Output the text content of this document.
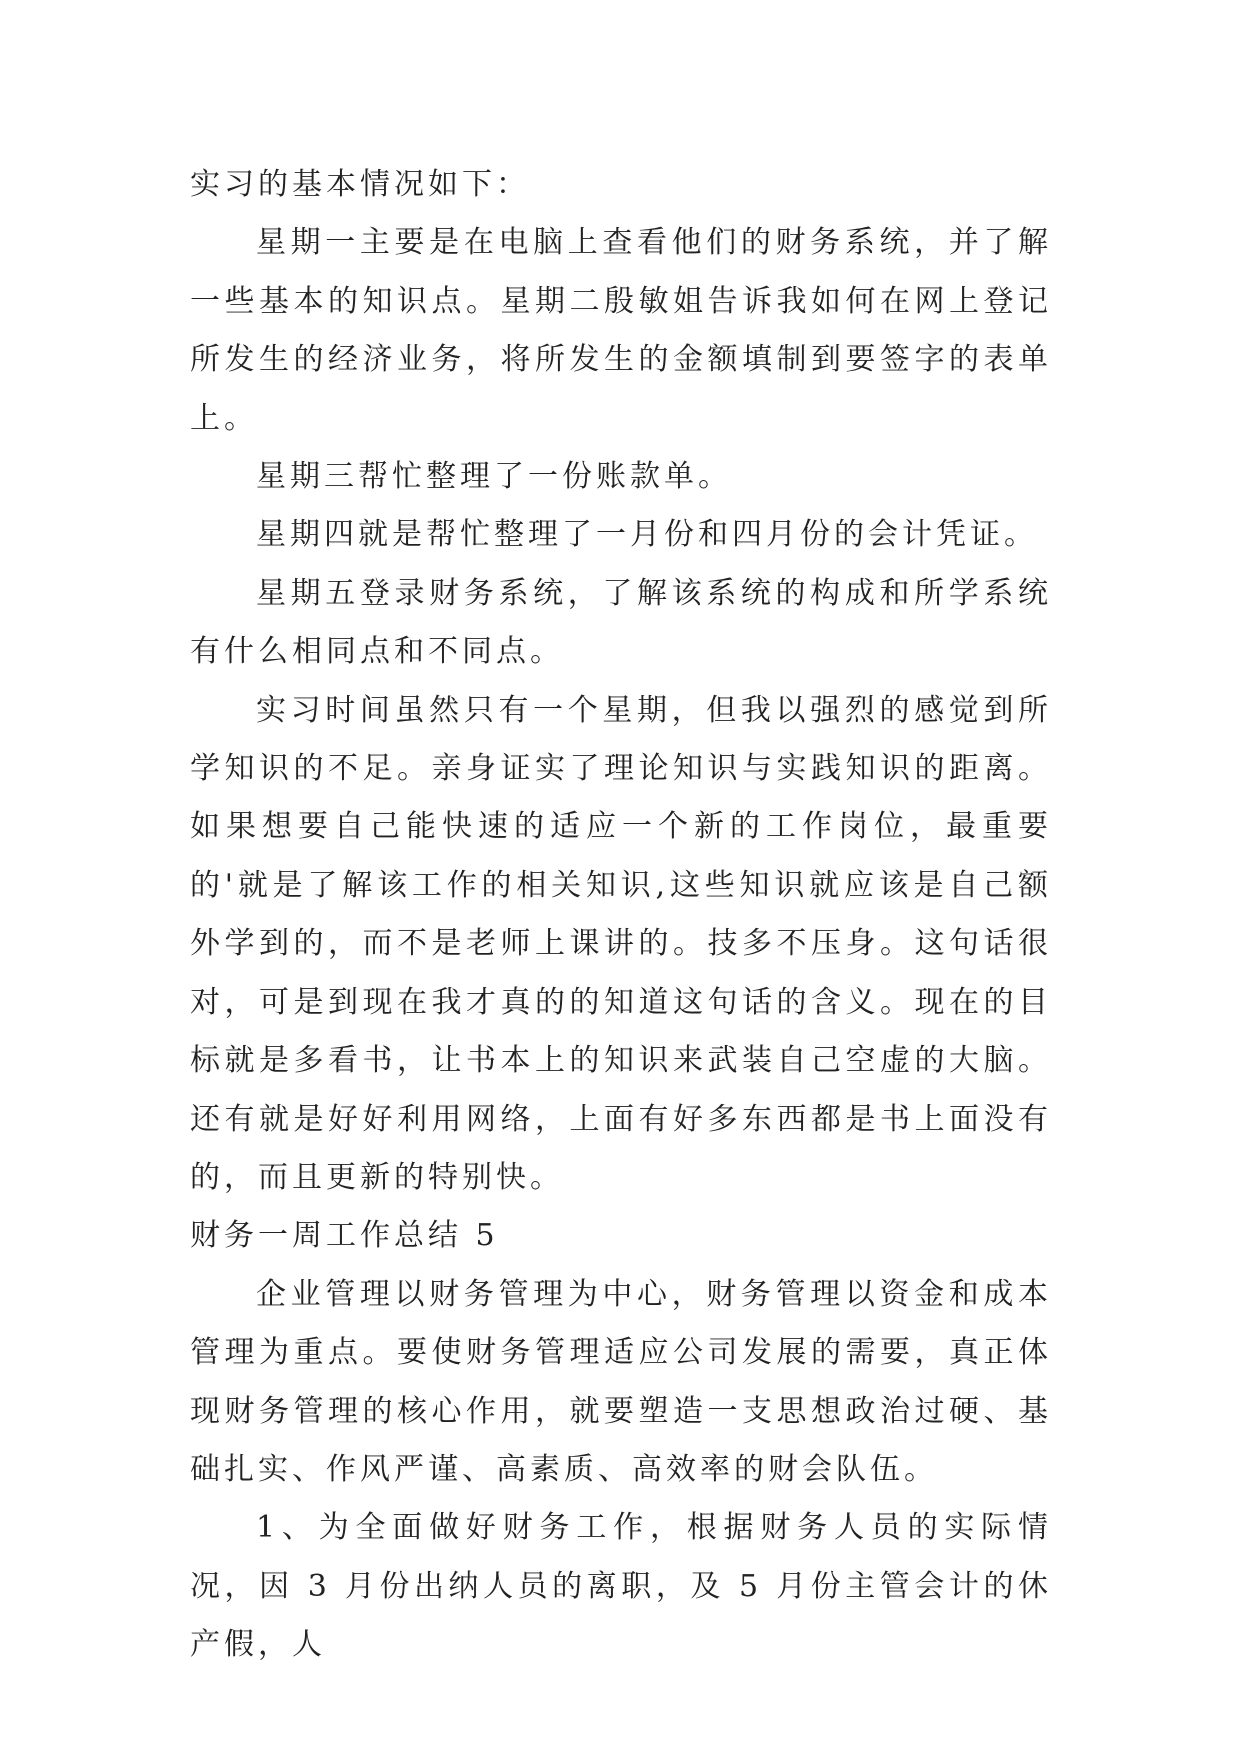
实习的基本情况如下：

星期一主要是在电脑上查看他们的财务系统，并了解一些基本的知识点。星期二殷敏姐告诉我如何在网上登记所发生的经济业务，将所发生的金额填制到要签字的表单上。

星期三帮忙整理了一份账款单。

星期四就是帮忙整理了一月份和四月份的会计凭证。

星期五登录财务系统，了解该系统的构成和所学系统有什么相同点和不同点。

实习时间虽然只有一个星期，但我以强烈的感觉到所学知识的不足。亲身证实了理论知识与实践知识的距离。如果想要自己能快速的适应一个新的工作岗位，最重要的'就是了解该工作的相关知识,这些知识就应该是自己额外学到的，而不是老师上课讲的。技多不压身。这句话很对，可是到现在我才真的的知道这句话的含义。现在的目标就是多看书，让书本上的知识来武装自己空虚的大脑。还有就是好好利用网络，上面有好多东西都是书上面没有的，而且更新的特别快。

财务一周工作总结 5

企业管理以财务管理为中心，财务管理以资金和成本管理为重点。要使财务管理适应公司发展的需要，真正体现财务管理的核心作用，就要塑造一支思想政治过硬、基础扎实、作风严谨、高素质、高效率的财会队伍。

1、为全面做好财务工作，根据财务人员的实际情况，因 3 月份出纳人员的离职，及 5 月份主管会计的休产假，人
